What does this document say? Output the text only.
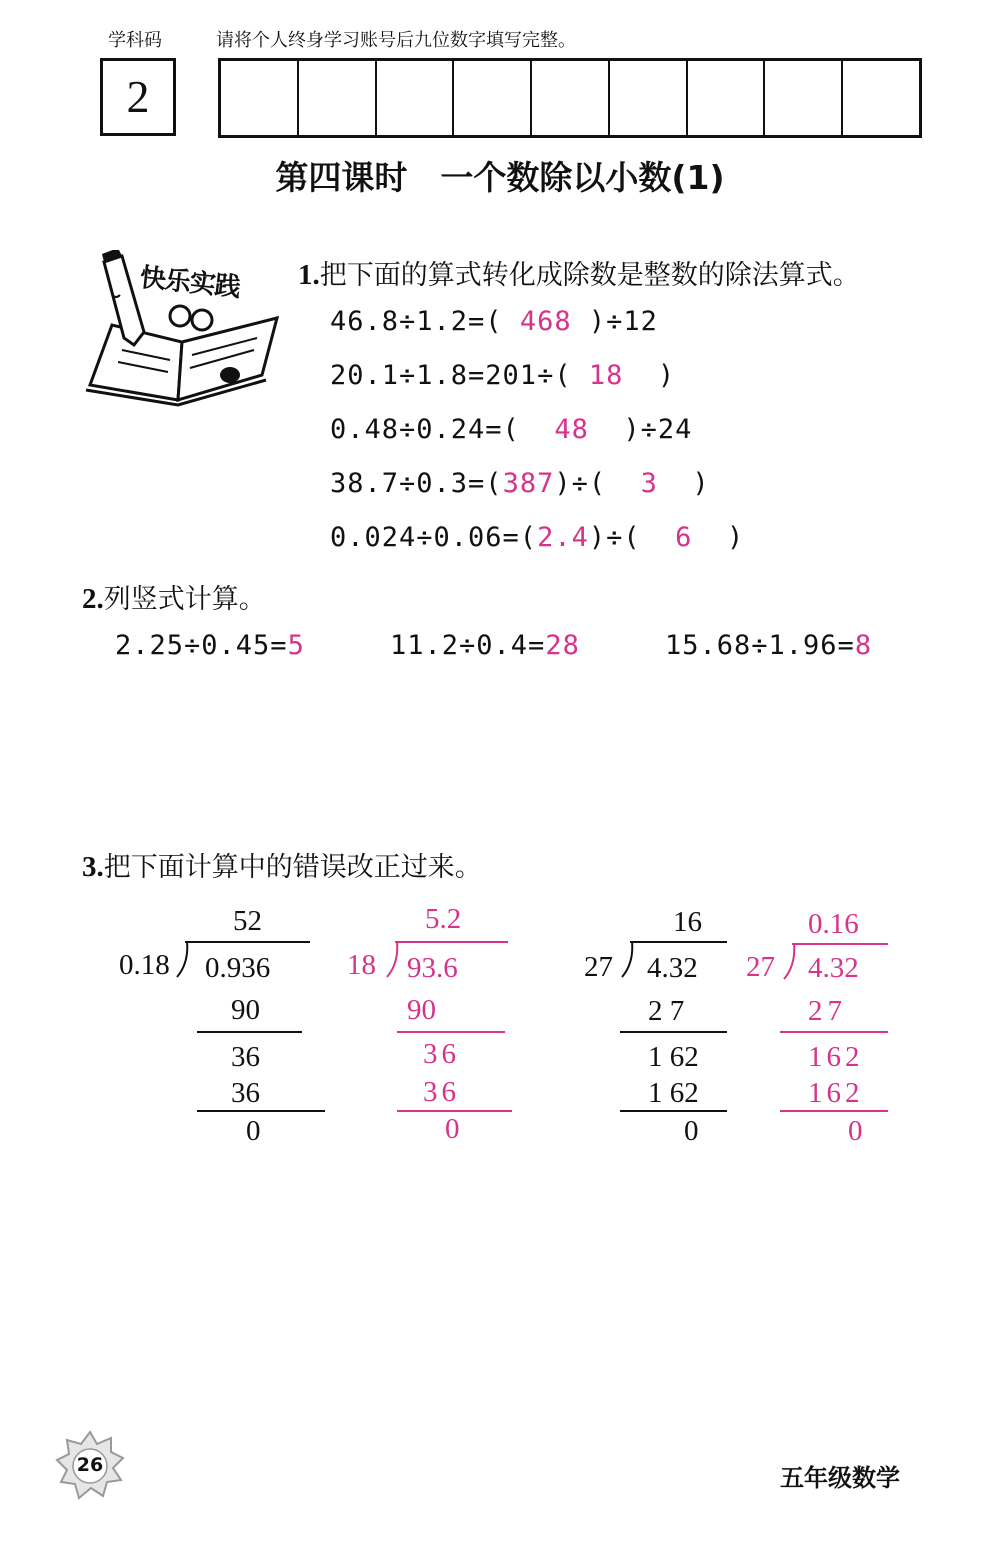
学科码	请将个人终身学习账号后九位数字填写完整。
2
第四课时　一个数除以小数(1)
快乐实践 1.把下面的算式转化成除数是整数的除法算式。
46.8÷1.2=( 468 )÷12
20.1÷1.8=201÷( 18 )
0.48÷0.24=( 48 )÷24
38.7÷0.3=(387)÷( 3 )
0.024÷0.06=(2.4)÷( 6 )
2.列竖式计算。
2.25÷0.45=5	11.2÷0.4=28	15.68÷1.96=8
3.把下面计算中的错误改正过来。
52
0.18 0.936
90
36
36
0
5.2
18 93.6
90
36
36
0
16
27 4.32
2 7
1 62
1 62
0
0.16
27 4.32
27
162
162
0
26	五年级数学
